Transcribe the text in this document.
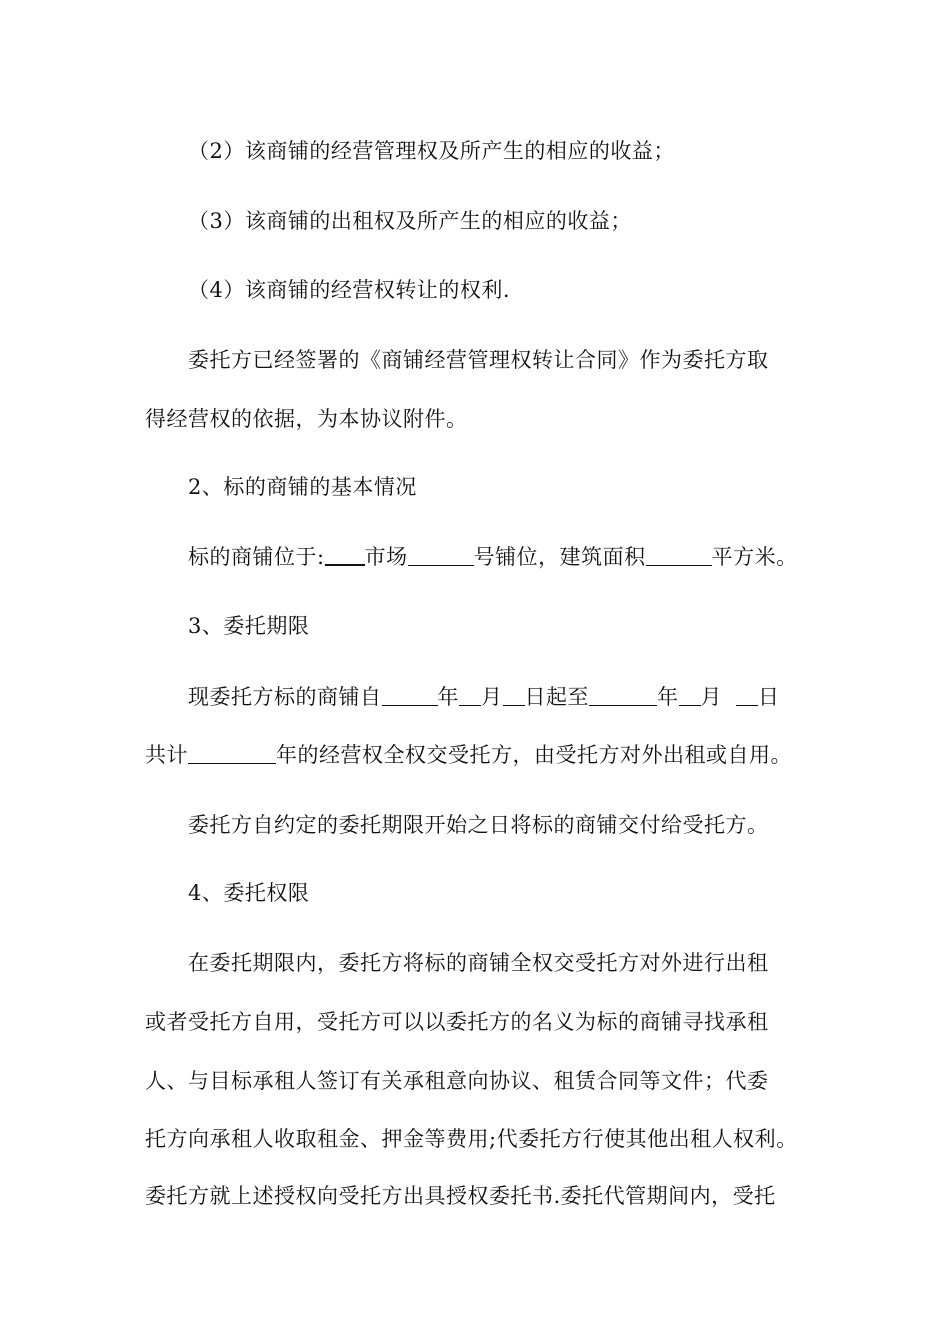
（2）该商铺的经营管理权及所产生的相应的收益；
（3）该商铺的出租权及所产生的相应的收益；
（4）该商铺的经营权转让的权利.
委托方已经签署的《商铺经营管理权转让合同》作为委托方取
得经营权的依据，为本协议附件。
2、标的商铺的基本情况
标的商铺位于: 市场	号铺位，建筑面积	平方米。
3、委托期限
现委托方标的商铺自	年 月 日起至	年 月 日
共计	年的经营权全权交受托方，由受托方对外出租或自用。
委托方自约定的委托期限开始之日将标的商铺交付给受托方。
4、委托权限
在委托期限内，委托方将标的商铺全权交受托方对外进行出租
或者受托方自用，受托方可以以委托方的名义为标的商铺寻找承租
人、与目标承租人签订有关承租意向协议、租赁合同等文件；代委
托方向承租人收取租金、押金等费用;代委托方行使其他出租人权利。
委托方就上述授权向受托方出具授权委托书.委托代管期间内，受托
